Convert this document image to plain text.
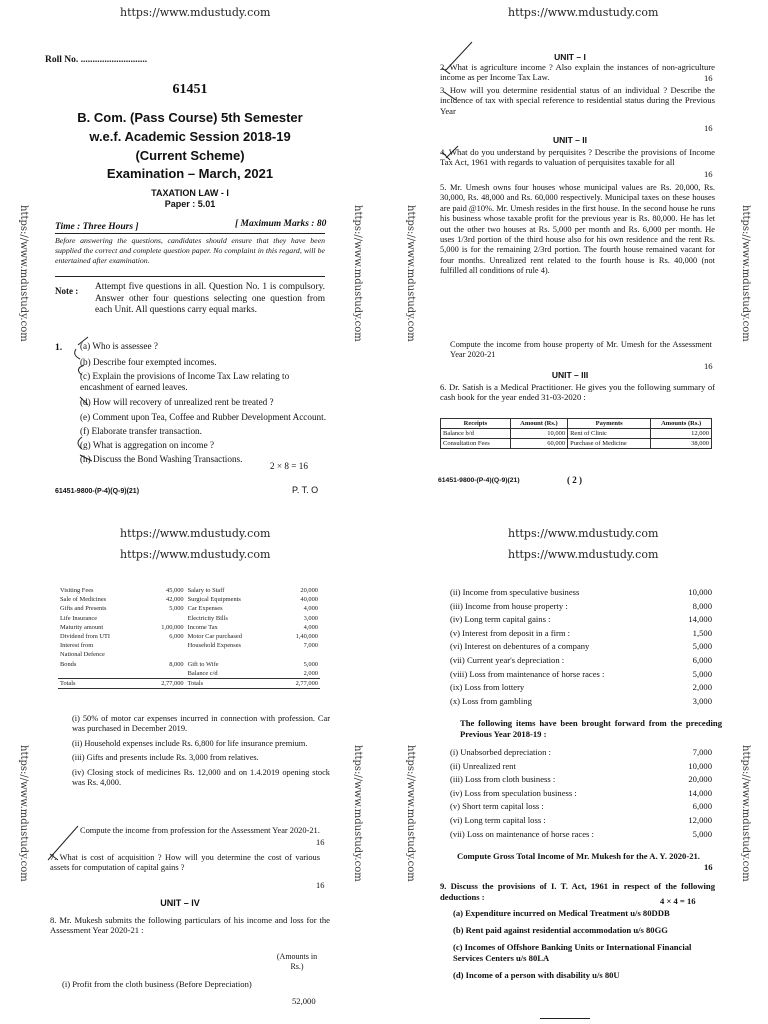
https://www.mdustudy.com	https://www.mdustudy.com
https://www.mdustudy.com	https://www.mdustudy.com	https://www.mdustudy.com	https://www.mdustudy.com
https://www.mdustudy.com	https://www.mdustudy.com	https://www.mdustudy.com	https://www.mdustudy.com
Roll No. ............................
61451
B. Com. (Pass Course) 5th Semester
w.e.f. Academic Session 2018-19
(Current Scheme)
Examination – March, 2021
TAXATION LAW - I
Paper : 5.01
Time : Three Hours ]	[ Maximum Marks : 80
Before answering the questions, candidates should ensure that they have been supplied the correct and complete question paper. No complaint in this regard, will be entertained after examination.
Note : Attempt five questions in all. Question No. 1 is compulsory. Answer other four questions selecting one question from each Unit. All questions carry equal marks.
1. (a) Who is assessee ?
(b) Describe four exempted incomes.
(c) Explain the provisions of Income Tax Law relating to encashment of earned leaves.
(d) How will recovery of unrealized rent be treated ?
(e) Comment upon Tea, Coffee and Rubber Development Account.
(f) Elaborate transfer transaction.
(g) What is aggregation on income ?
(h) Discuss the Bond Washing Transactions.
2 × 8 = 16
61451-9800-(P-4)(Q-9)(21)	P. T. O
UNIT – I
2. What is agriculture income ? Also explain the instances of non-agriculture income as per Income Tax Law.	16
3. How will you determine residential status of an individual ? Describe the incidence of tax with special reference to residential status during the Previous Year
16
UNIT – II
4. What do you understand by perquisites ? Describe the provisions of Income Tax Act, 1961 with regards to valuation of perquisites taxable for all
16
5. Mr. Umesh owns four houses whose municipal values are Rs. 20,000, Rs. 30,000, Rs. 48,000 and Rs. 60,000 respectively. Municipal taxes on these houses are paid @10%. Mr. Umesh resides in the first house. In the second house he runs his business whose taxable profit for the previous year is Rs. 80,000. He has let out the other two houses at Rs. 5,000 per month and Rs. 6,000 per month. He uses 1/3rd portion of the third house also for his own residence and the rent Rs. 5,000 is for the remaining 2/3rd portion. The fourth house remained vacant for four months. Unrealized rent related to the fourth house is Rs. 40,000 (not fulfilled all conditions of rule 4).
Compute the income from house property of Mr. Umesh for the Assessment Year 2020-21
16
UNIT – III
6. Dr. Satish is a Medical Practitioner. He gives you the following summary of cash book for the year ended 31-03-2020 :
Receipts	Amount (Rs.)	Payments	Amounts (Rs.)
Balance b/d	10,000	Rent of Clinic	12,000
Consultation Fees	60,000	Purchase of Medicine	38,000
61451-9800-(P-4)(Q-9)(21)	( 2 )
https://www.mdustudy.com
https://www.mdustudy.com
https://www.mdustudy.com
https://www.mdustudy.com
Visiting Fees	45,000	Salary to Staff	20,000
Sale of Medicines	42,000	Surgical Equipments	40,000
Gifts and Presents	5,000	Car Expenses	4,000
Life Insurance		Electricity Bills	3,000
Maturity amount	1,00,000	Income Tax	4,000
Dividend from UTI	6,000	Motor Car purchased	1,40,000
Interest from		Household Expenses	7,000
National Defence			
Bonds	8,000	Gift to Wife	5,000
		Balance c/d	2,000
Totals	2,77,000	Totals	2,77,000
(i) 50% of motor car expenses incurred in connection with profession. Car was purchased in December 2019.
(ii) Household expenses include Rs. 6,800 for life insurance premium.
(iii) Gifts and presents include Rs. 3,000 from relatives.
(iv) Closing stock of medicines Rs. 12,000 and on 1.4.2019 opening stock was Rs. 4,000.
Compute the income from profession for the Assessment Year 2020-21.
16
7. What is cost of acquisition ? How will you determine the cost of various assets for computation of capital gains ?
16
UNIT – IV
8. Mr. Mukesh submits the following particulars of his income and loss for the Assessment Year 2020-21 :
(Amounts in Rs.)
(i) Profit from the cloth business (Before Depreciation)
52,000
(ii) Income from speculative business	10,000
(iii) Income from house property :	8,000
(iv) Long term capital gains :	14,000
(v) Interest from deposit in a firm :	1,500
(vi) Interest on debentures of a company	5,000
(vii) Current year's depreciation :	6,000
(viii) Loss from maintenance of horse races :	5,000
(ix) Loss from lottery	2,000
(x) Loss from gambling	3,000
The following items have been brought forward from the preceding Previous Year 2018-19 :
(i) Unabsorbed depreciation :	7,000
(ii) Unrealized rent	10,000
(iii) Loss from cloth business :	20,000
(iv) Loss from speculation business :	14,000
(v) Short term capital loss :	6,000
(vi) Long term capital loss :	12,000
(vii) Loss on maintenance of horse races :	5,000
Compute Gross Total Income of Mr. Mukesh for the A. Y. 2020-21.
16
9. Discuss the provisions of I. T. Act, 1961 in respect of the following deductions :	4 × 4 = 16
(a) Expenditure incurred on Medical Treatment u/s 80DDB
(b) Rent paid against residential accommodation u/s 80GG
(c) Incomes of Offshore Banking Units or International Financial Services Centers u/s 80LA
(d) Income of a person with disability u/s 80U
